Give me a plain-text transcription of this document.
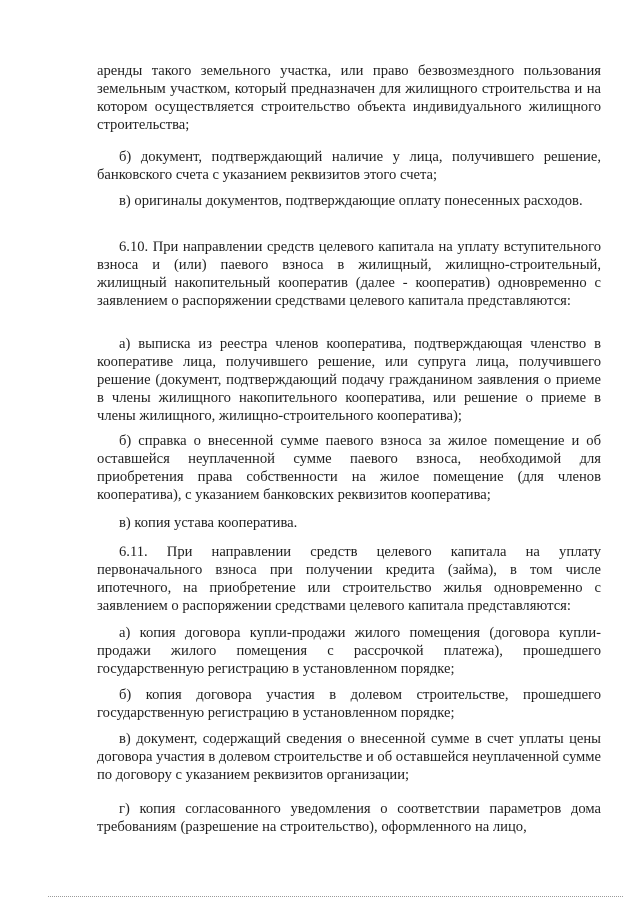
аренды такого земельного участка, или право безвозмездного пользования земельным участком, который предназначен для жилищного строительства и на котором осуществляется строительство объекта индивидуального жилищного строительства;

б) документ, подтверждающий наличие у лица, получившего решение, банковского счета с указанием реквизитов этого счета;

в) оригиналы документов, подтверждающие оплату понесенных расходов.

6.10. При направлении средств целевого капитала на уплату вступительного взноса и (или) паевого взноса в жилищный, жилищно-строительный, жилищный накопительный кооператив (далее - кооператив) одновременно с заявлением о распоряжении средствами целевого капитала представляются:

а) выписка из реестра членов кооператива, подтверждающая членство в кооперативе лица, получившего решение, или супруга лица, получившего решение (документ, подтверждающий подачу гражданином заявления о приеме в члены жилищного накопительного кооператива, или решение о приеме в члены жилищного, жилищно-строительного кооператива);

б) справка о внесенной сумме паевого взноса за жилое помещение и об оставшейся неуплаченной сумме паевого взноса, необходимой для приобретения права собственности на жилое помещение (для членов кооператива), с указанием банковских реквизитов кооператива;

в) копия устава кооператива.

6.11. При направлении средств целевого капитала на уплату первоначального взноса при получении кредита (займа), в том числе ипотечного, на приобретение или строительство жилья одновременно с заявлением о распоряжении средствами целевого капитала представляются:

а) копия договора купли-продажи жилого помещения (договора купли-продажи жилого помещения с рассрочкой платежа), прошедшего государственную регистрацию в установленном порядке;

б) копия договора участия в долевом строительстве, прошедшего государственную регистрацию в установленном порядке;

в) документ, содержащий сведения о внесенной сумме в счет уплаты цены договора участия в долевом строительстве и об оставшейся неуплаченной сумме по договору с указанием реквизитов организации;

г) копия согласованного уведомления о соответствии параметров дома требованиям (разрешение на строительство), оформленного на лицо,
